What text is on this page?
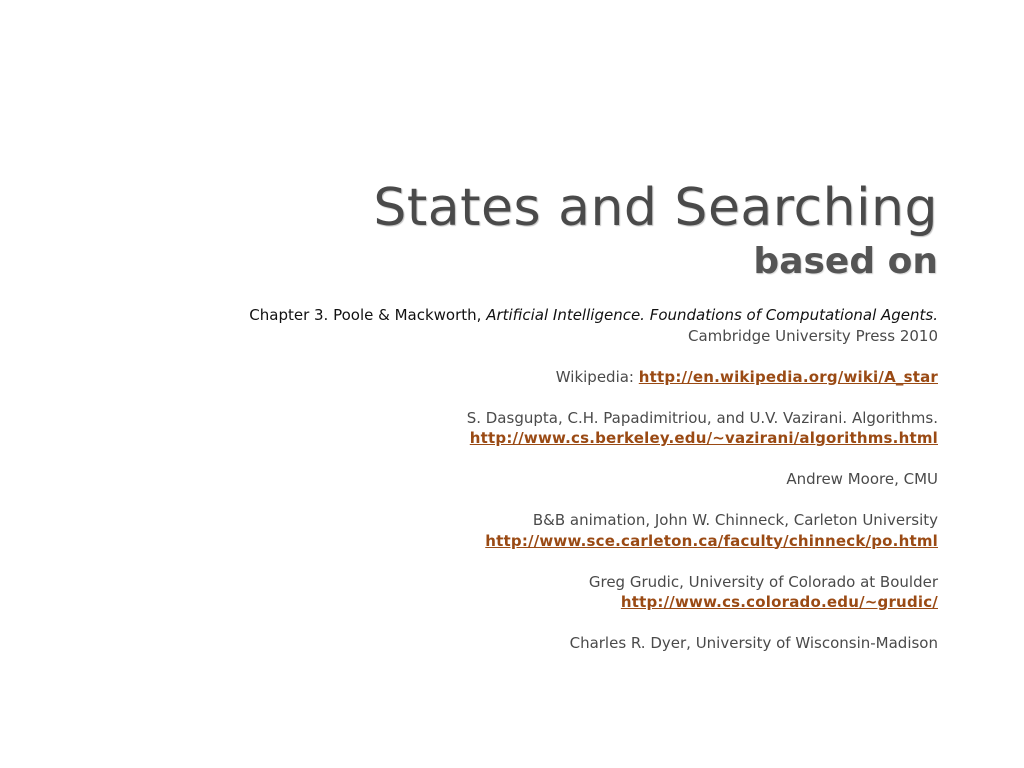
States and Searching
based on
Chapter 3. Poole & Mackworth, Artificial Intelligence. Foundations of Computational Agents.
Cambridge University Press 2010
Wikipedia: http://en.wikipedia.org/wiki/A_star
S. Dasgupta, C.H. Papadimitriou, and U.V. Vazirani. Algorithms.
http://www.cs.berkeley.edu/~vazirani/algorithms.html
Andrew Moore, CMU
B&B animation, John W. Chinneck, Carleton University
http://www.sce.carleton.ca/faculty/chinneck/po.html
Greg Grudic, University of Colorado at Boulder
http://www.cs.colorado.edu/~grudic/
Charles R. Dyer, University of Wisconsin-Madison
